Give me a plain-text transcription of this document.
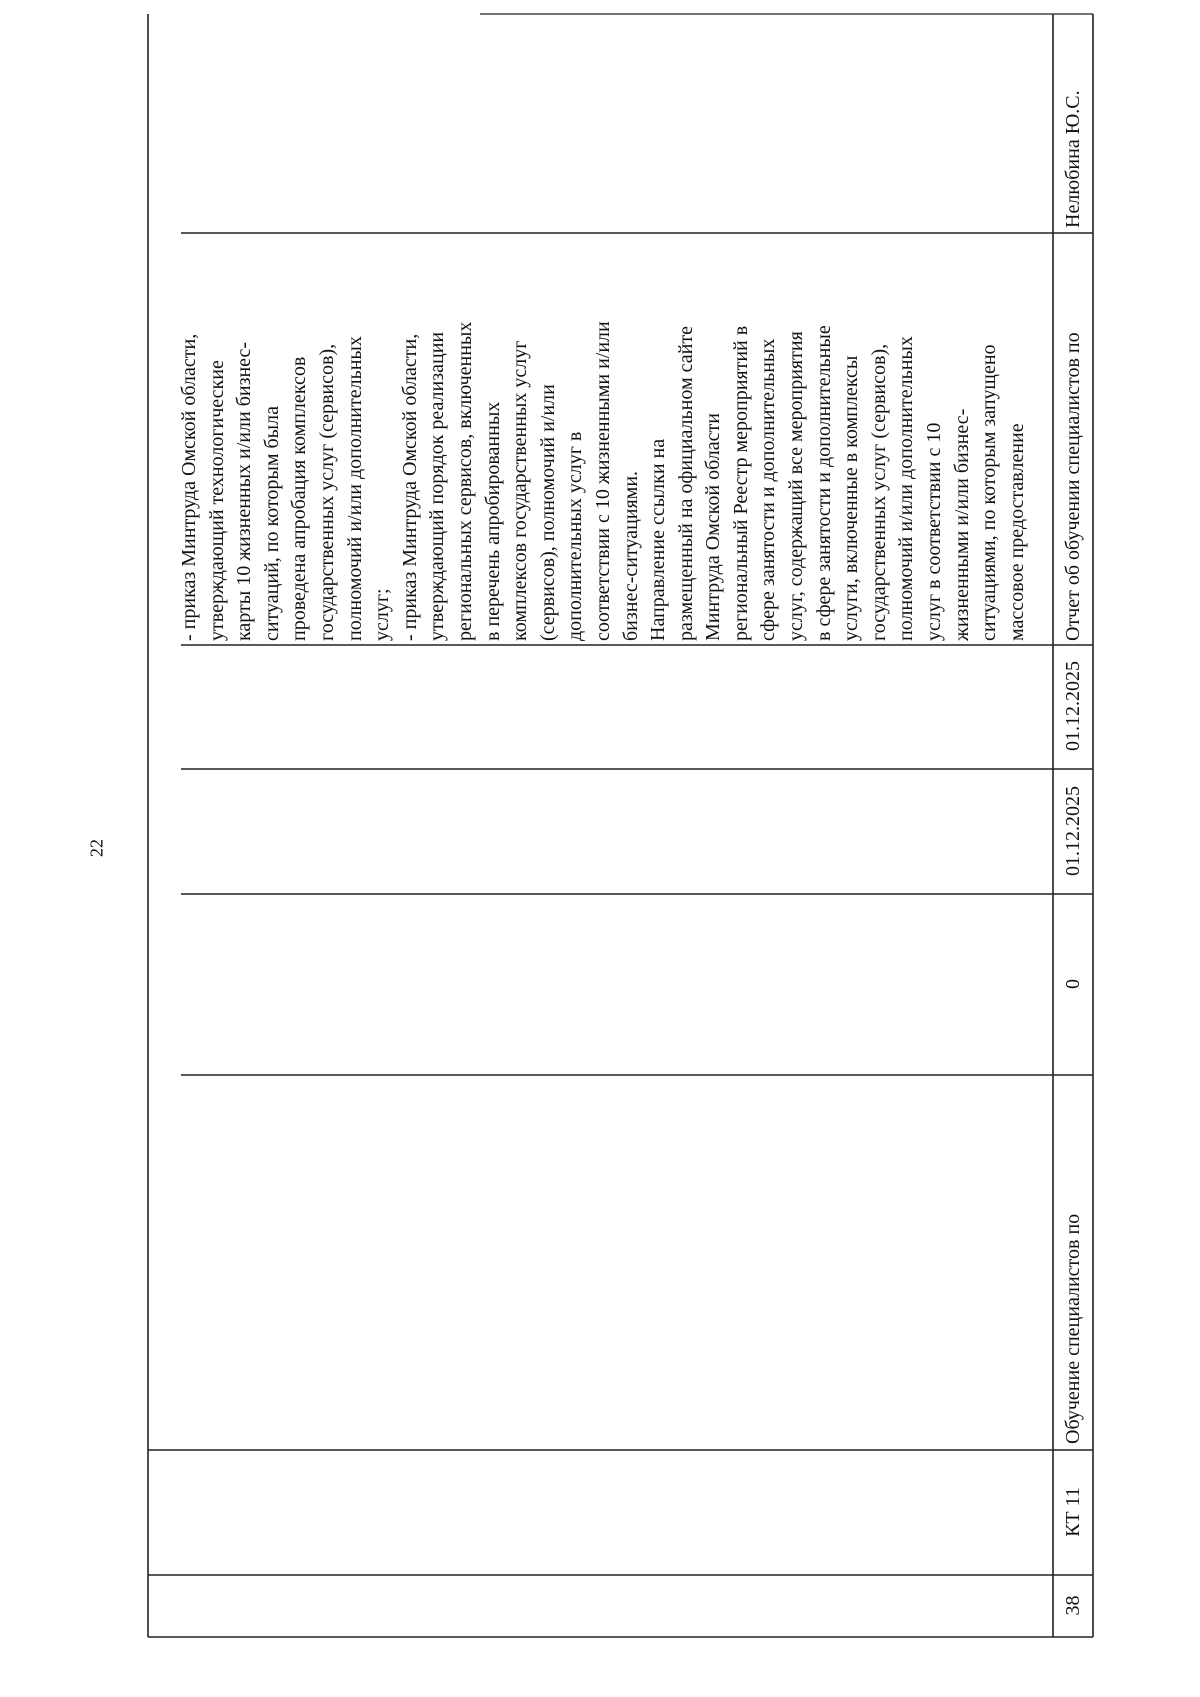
22
- приказ Минтруда Омской области, утверждающий технологические карты 10 жизненных и/или бизнес- ситуаций, по которым была проведена апробация комплексов государственных услуг (сервисов), полномочий и/или дополнительных услуг; - приказ Минтруда Омской области, утверждающий порядок реализации региональных сервисов, включенных в перечень апробированных комплексов государственных услуг (сервисов), полномочий и/или дополнительных услуг в соответствии с 10 жизненными и/или бизнес-ситуациями. Направление ссылки на размещенный на официальном сайте Минтруда Омской области региональный Реестр мероприятий в сфере занятости и дополнительных услуг, содержащий все мероприятия в сфере занятости и дополнительные услуги, включенные в комплексы государственных услуг (сервисов), полномочий и/или дополнительных услуг в соответствии с 10 жизненными и/или бизнес- ситуациями, по которым запущено массовое предоставление
38
КТ 11
Обучение специалистов по
0
01.12.2025
01.12.2025
Отчет об обучении специалистов по
Нелюбина Ю.С.
